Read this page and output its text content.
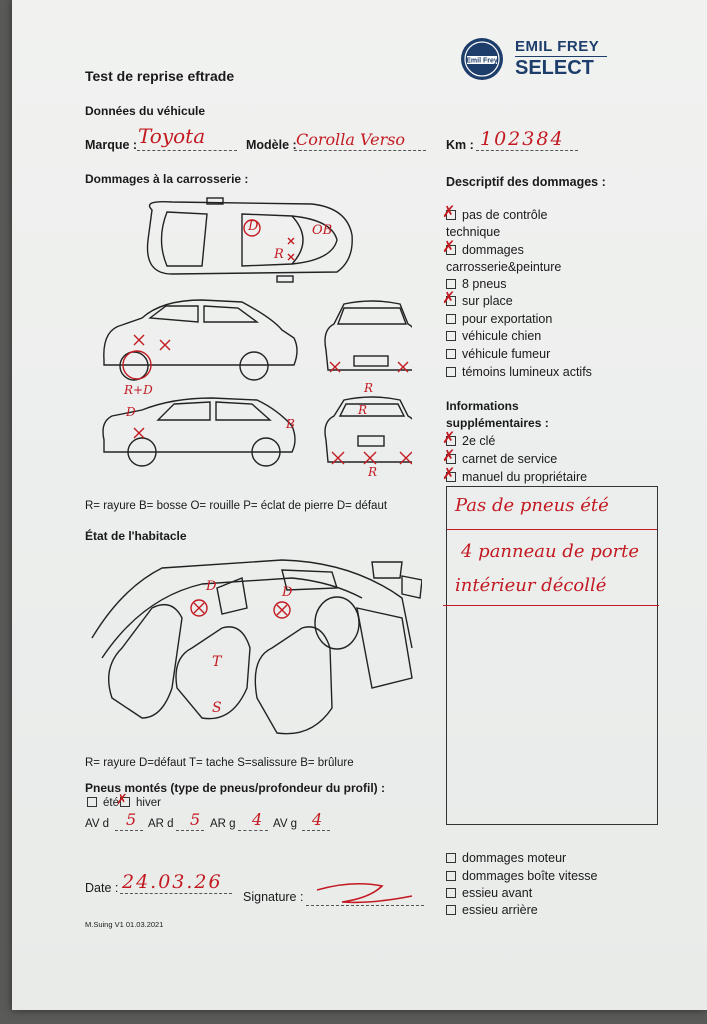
Emil Frey
EMIL FREY
SELECT
Test de reprise eftrade
Données du véhicule
Marque : Toyota	Modèle : Corolla Verso	Km : 102384
Dommages à la carrosserie :	Descriptif des dommages :
D	OB
R
R+D	R
D
B
R
R
pas de contrôle
✗
technique
dommages
✗
carrosserie&peinture
8 pneus
sur place
✗
pour exportation
véhicule chien
véhicule fumeur
témoins lumineux actifs
Informations
supplémentaires :
2e clé
✗
carnet de service
✗
manuel du propriétaire
✗
Pas de pneus été
4 panneau de porte
intérieur décollé
R= rayure B= bosse O= rouille P= éclat de pierre D= défaut
État de l'habitacle
D	D
T
S
R= rayure D=défaut T= tache S=salissure B= brûlure
Pneus montés (type de pneus/profondeur du profil) :
été	hiver
✗
AV d 5 AR d 5 AR g 4 AV g 4
dommages moteur
dommages boîte vitesse
essieu avant
essieu arrière
Date : 24.03.26
Signature :
M.Suing V1 01.03.2021
